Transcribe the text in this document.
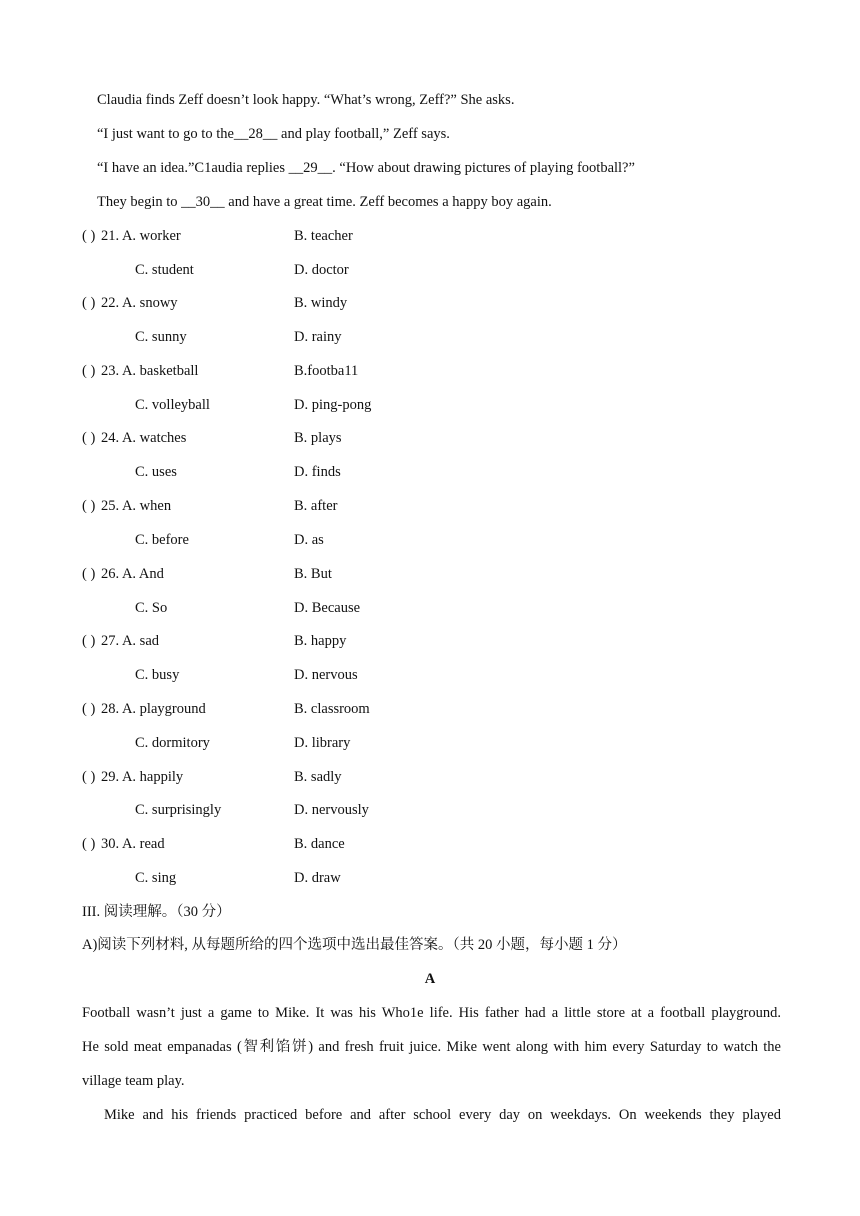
Claudia finds Zeff doesn’t look happy. “What’s wrong, Zeff?” She asks.
“I just want to go to the__28__ and play football,” Zeff says.
“I have an idea.”C1audia replies __29__. “How about drawing pictures of playing football?”
They begin to __30__ and have a great time. Zeff becomes a happy boy again.
( ) 21. A. worker	B. teacher
C. student	D. doctor
( ) 22. A. snowy	B. windy
C. sunny	D. rainy
( ) 23. A. basketball	B.footba11
C. volleyball	D. ping-pong
( ) 24. A. watches	B. plays
C. uses	D. finds
( ) 25. A. when	B. after
C. before	D. as
( ) 26. A. And	B. But
C. So	D. Because
( ) 27. A. sad	B. happy
C. busy	D. nervous
( ) 28. A. playground	B. classroom
C. dormitory	D. library
( ) 29. A. happily	B. sadly
C. surprisingly	D. nervously
( ) 30. A. read	B. dance
C. sing	D. draw
III. 阅读理解。（30 分）
A)阅读下列材料, 从每题所给的四个选项中选出最佳答案。（共 20 小题，每小题 1 分）
A
Football wasn’t just a game to Mike. It was his Who1e life. His father had a little store at a football playground.
He sold meat empanadas (智利馅饼) and fresh fruit juice. Mike went along with him every Saturday to watch the
village team play.
Mike and his friends practiced before and after school every day on weekdays. On weekends they played
